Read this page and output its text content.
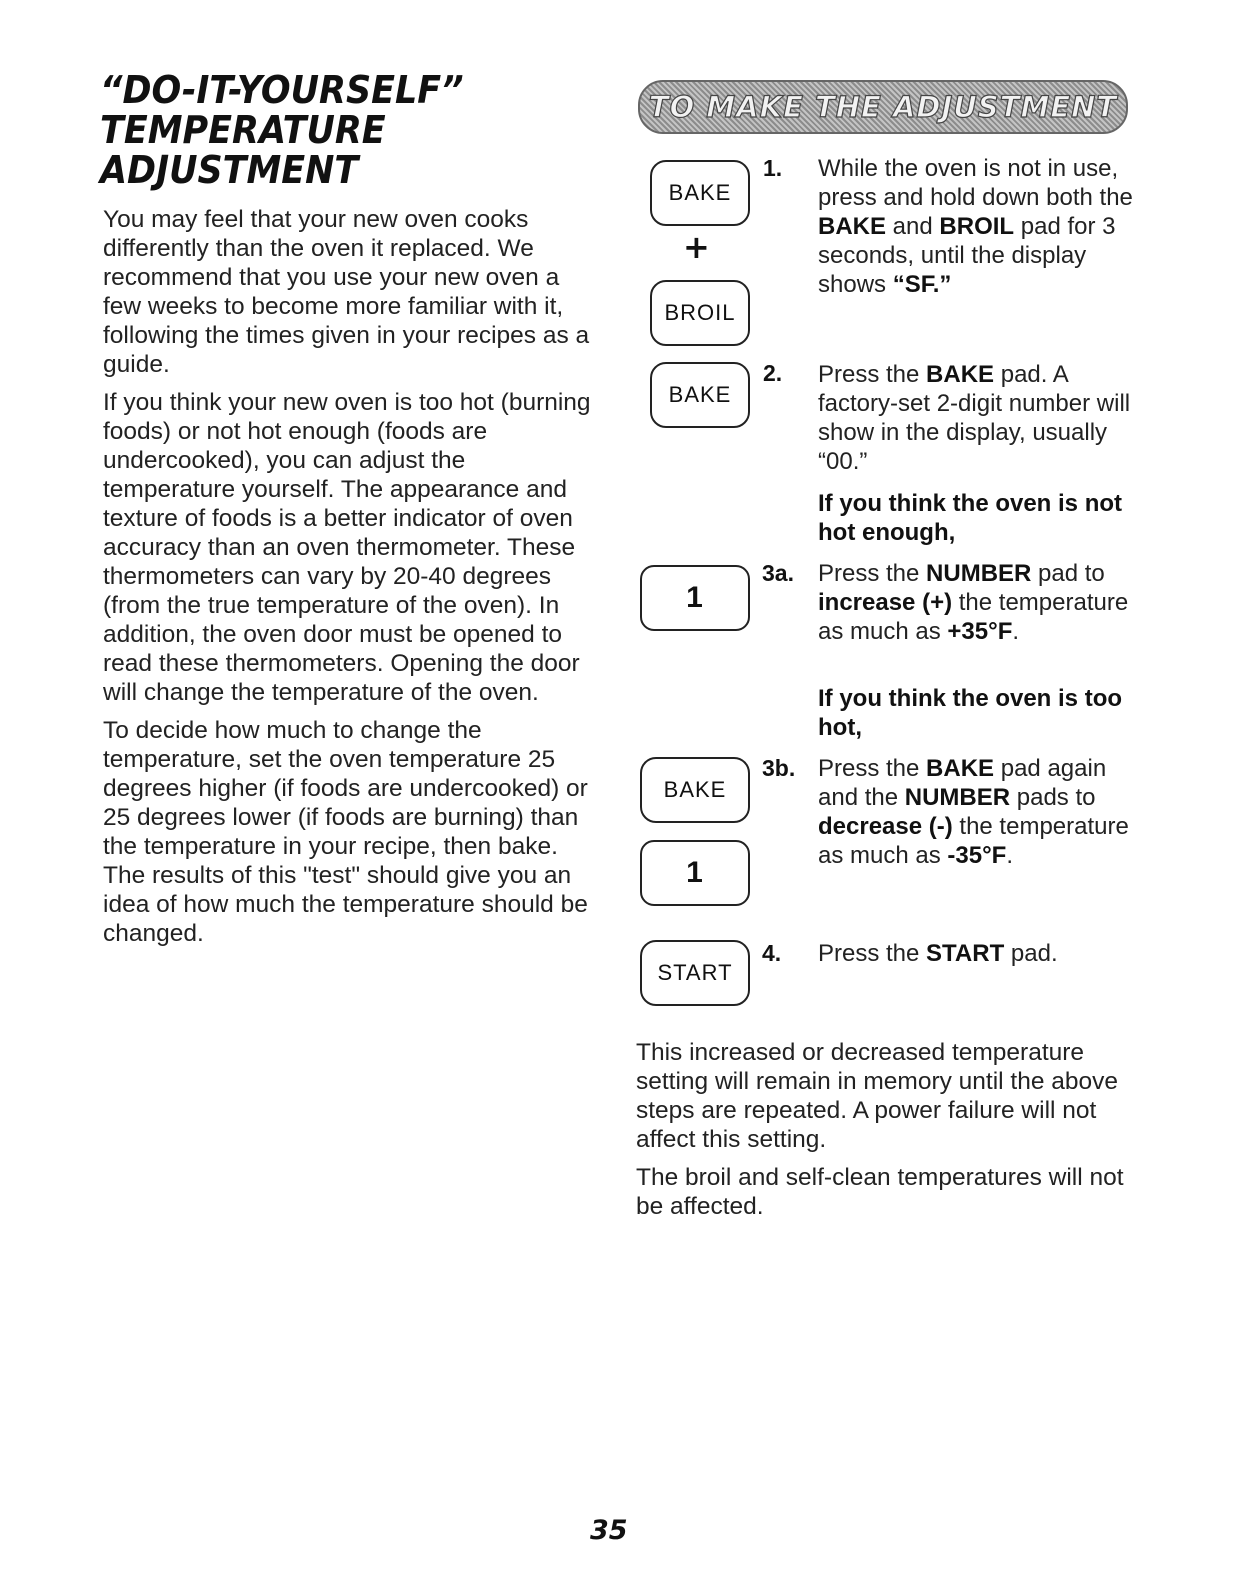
“DO-IT-YOURSELF”
TEMPERATURE
ADJUSTMENT

You may feel that your new oven cooks differently than the oven it replaced. We recommend that you use your new oven a few weeks to become more familiar with it, following the times given in your recipes as a guide.

If you think your new oven is too hot (burning foods) or not hot enough (foods are undercooked), you can adjust the temperature yourself. The appearance and texture of foods is a better indicator of oven accuracy than an oven thermometer. These thermometers can vary by 20-40 degrees (from the true temperature of the oven). In addition, the oven door must be opened to read these thermometers. Opening the door will change the temperature of the oven.

To decide how much to change the temperature, set the oven temperature 25 degrees higher (if foods are undercooked) or 25 degrees lower (if foods are burning) than the temperature in your recipe, then bake. The results of this "test" should give you an idea of how much the temperature should be changed.

TO MAKE THE ADJUSTMENT
BAKE
+
BROIL
1. While the oven is not in use, press and hold down both the BAKE and BROIL pad for 3 seconds, until the display shows “SF.”
BAKE
2. Press the BAKE pad. A factory-set 2-digit number will show in the display, usually “00.”
If you think the oven is not hot enough,
1
3a. Press the NUMBER pad to increase (+) the temperature as much as +35°F.
If you think the oven is too hot,
BAKE
1
3b. Press the BAKE pad again and the NUMBER pads to decrease (-) the temperature as much as -35°F.
START
4. Press the START pad.

This increased or decreased temperature setting will remain in memory until the above steps are repeated. A power failure will not affect this setting.

The broil and self-clean temperatures will not be affected.

35
